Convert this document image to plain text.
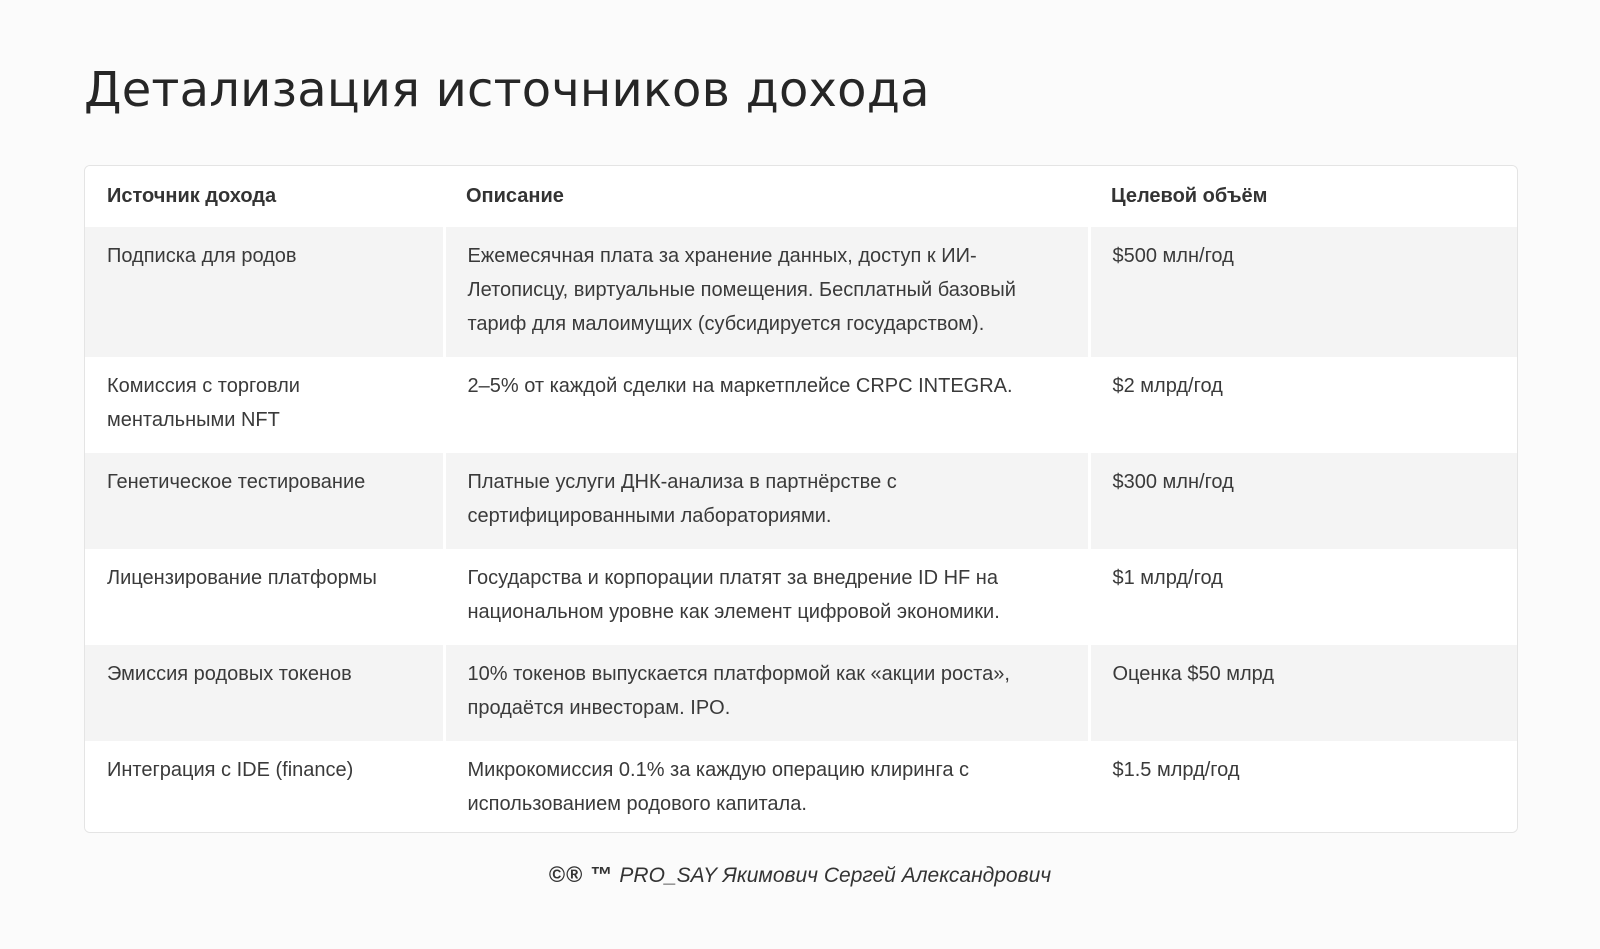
Детализация источников дохода
Источник дохода	Описание	Целевой объём
Подписка для родов	Ежемесячная плата за хранение данных, доступ к ИИ-Летописцу, виртуальные помещения. Бесплатный базовый тариф для малоимущих (субсидируется государством).	$500 млн/год
Комиссия с торговли ментальными NFT	2–5% от каждой сделки на маркетплейсе CRPC INTEGRA.	$2 млрд/год
Генетическое тестирование	Платные услуги ДНК-анализа в партнёрстве с сертифицированными лабораториями.	$300 млн/год
Лицензирование платформы	Государства и корпорации платят за внедрение ID HF на национальном уровне как элемент цифровой экономики.	$1 млрд/год
Эмиссия родовых токенов	10% токенов выпускается платформой как «акции роста», продаётся инвесторам. IPO.	Оценка $50 млрд
Интеграция с IDE (finance)	Микрокомиссия 0.1% за каждую операцию клиринга с использованием родового капитала.	$1.5 млрд/год
©® ™ PRO_SAY Якимович Сергей Александрович
